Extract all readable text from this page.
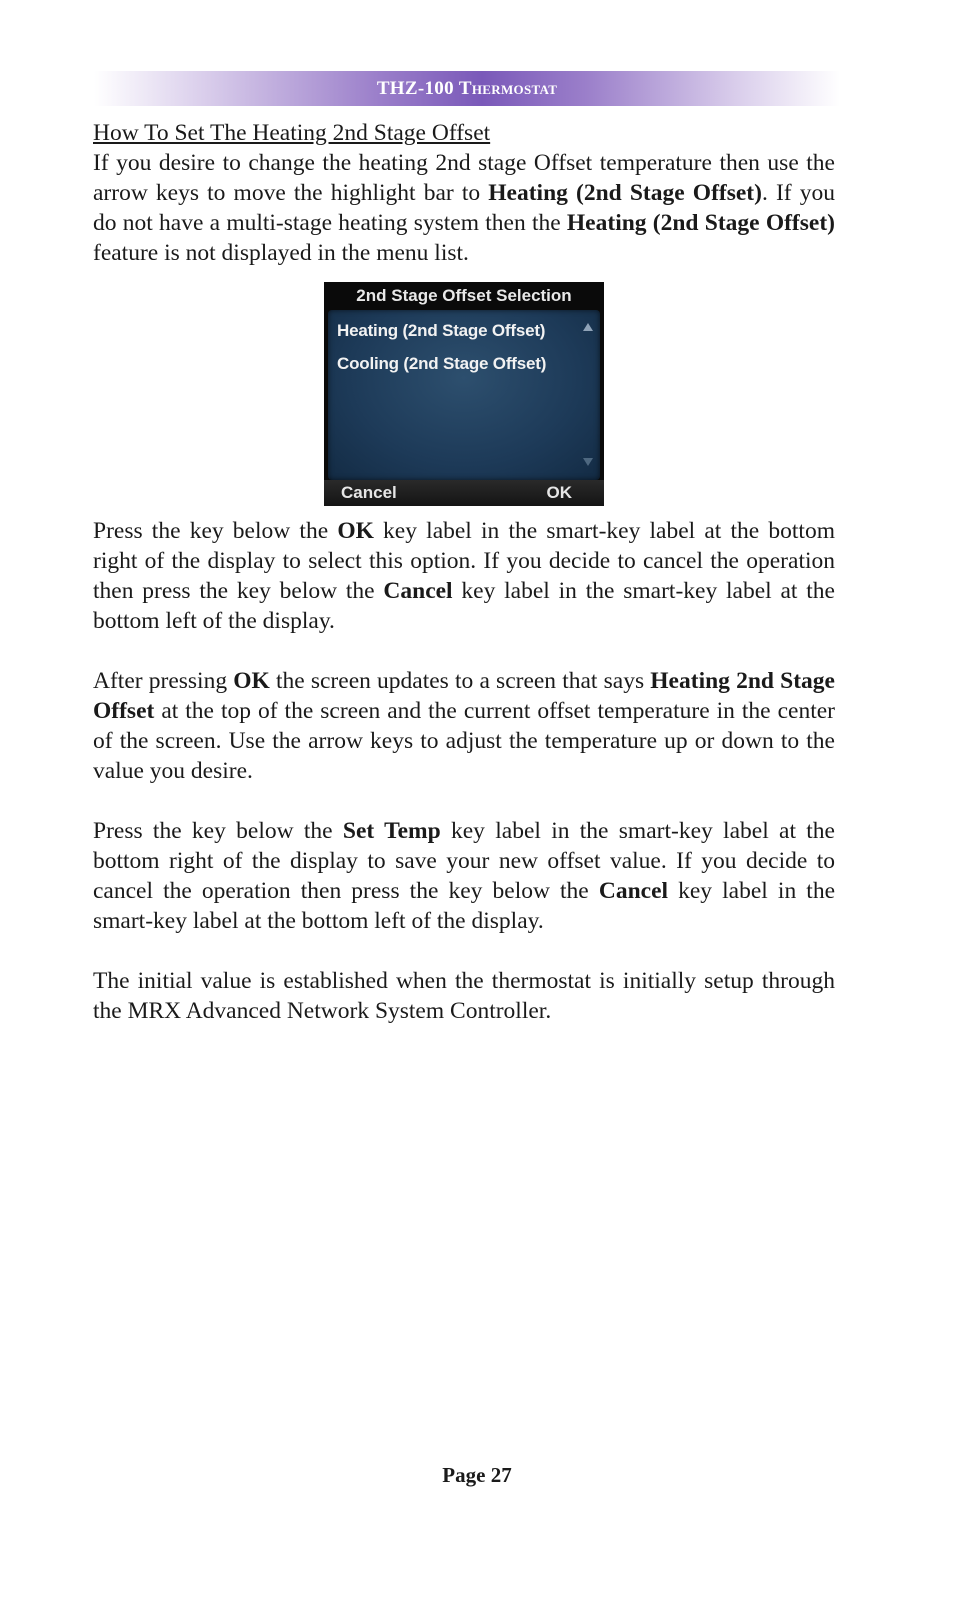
THZ-100 Thermostat
How To Set The Heating 2nd Stage Offset

If you desire to change the heating 2nd stage Offset temperature then use the arrow keys to move the highlight bar to Heating (2nd Stage Offset). If you do not have a multi-stage heating system then the Heating (2nd Stage Offset) feature is not displayed in the menu list.

2nd Stage Offset Selection
Heating (2nd Stage Offset)
Cooling (2nd Stage Offset)
Cancel	OK

Press the key below the OK key label in the smart-key label at the bottom right of the display to select this option. If you decide to cancel the operation then press the key below the Cancel key label in the smart-key label at the bottom left of the display.

After pressing OK the screen updates to a screen that says Heating 2nd Stage Offset at the top of the screen and the current offset temperature in the center of the screen. Use the arrow keys to adjust the temperature up or down to the value you desire.

Press the key below the Set Temp key label in the smart-key label at the bottom right of the display to save your new offset value. If you decide to cancel the operation then press the key below the Cancel key label in the smart-key label at the bottom left of the display.

The initial value is established when the thermostat is initially setup through the MRX Advanced Network System Controller.

Page 27
